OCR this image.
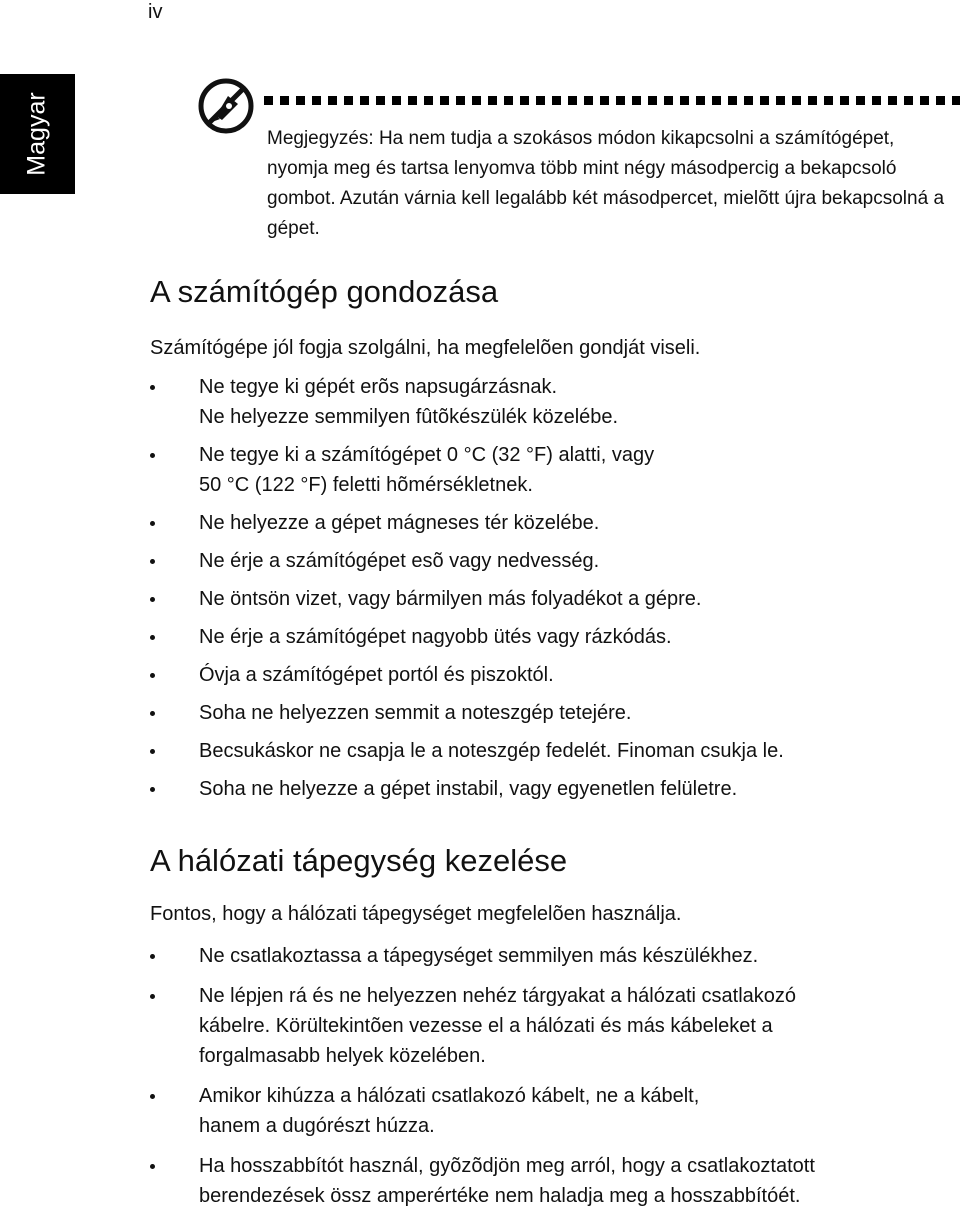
iv
Magyar	Megjegyzés: Ha nem tudja a szokásos módon kikapcsolni a számítógépet, nyomja meg és tartsa lenyomva több mint négy másodpercig a bekapcsoló gombot. Azután várnia kell legalább két másodpercet, mielõtt újra bekapcsolná a gépet.

A számítógép gondozása

Számítógépe jól fogja szolgálni, ha megfelelõen gondját viseli.

Ne tegye ki gépét erõs napsugárzásnak.
Ne helyezze semmilyen fûtõkészülék közelébe.
Ne tegye ki a számítógépet 0 °C (32 °F) alatti, vagy
50 °C (122 °F) feletti hõmérsékletnek.
Ne helyezze a gépet mágneses tér közelébe.
Ne érje a számítógépet esõ vagy nedvesség.
Ne öntsön vizet, vagy bármilyen más folyadékot a gépre.
Ne érje a számítógépet nagyobb ütés vagy rázkódás.
Óvja a számítógépet portól és piszoktól.
Soha ne helyezzen semmit a noteszgép tetejére.
Becsukáskor ne csapja le a noteszgép fedelét. Finoman csukja le.
Soha ne helyezze a gépet instabil, vagy egyenetlen felületre.
A hálózati tápegység kezelése

Fontos, hogy a hálózati tápegységet megfelelõen használja.

Ne csatlakoztassa a tápegységet semmilyen más készülékhez.
Ne lépjen rá és ne helyezzen nehéz tárgyakat a hálózati csatlakozó
kábelre. Körültekintõen vezesse el a hálózati és más kábeleket a
forgalmasabb helyek közelében.
Amikor kihúzza a hálózati csatlakozó kábelt, ne a kábelt,
hanem a dugórészt húzza.
Ha hosszabbítót használ, gyõzõdjön meg arról, hogy a csatlakoztatott
berendezések össz amperértéke nem haladja meg a hosszabbítóét.
